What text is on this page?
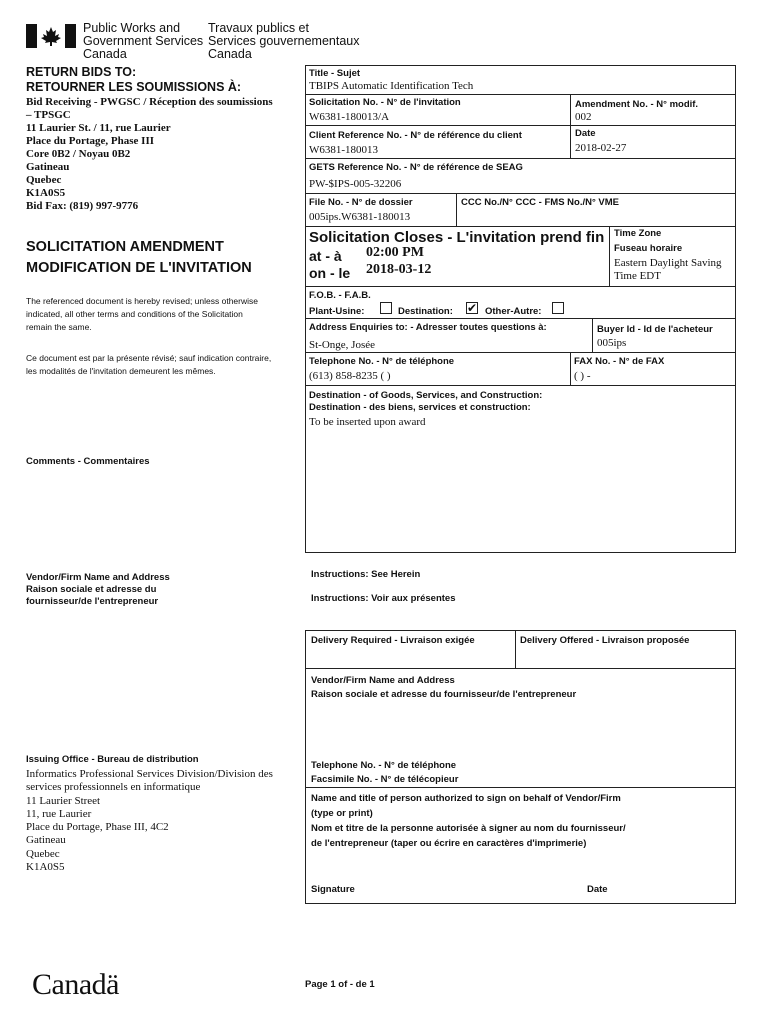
Public Works and
Government Services
Canada
Travaux publics et
Services gouvernementaux
Canada
RETURN BIDS TO:
RETOURNER LES SOUMISSIONS À:
Bid Receiving - PWGSC / Réception des soumissions
– TPSGC
11 Laurier St. / 11, rue Laurier
Place du Portage, Phase III
Core 0B2 / Noyau 0B2
Gatineau
Quebec
K1A0S5
Bid Fax: (819) 997-9776
SOLICITATION AMENDMENT
MODIFICATION DE L'INVITATION
The referenced document is hereby revised; unless otherwise
indicated, all other terms and conditions of the Solicitation
remain the same.
Ce document est par la présente révisé; sauf indication contraire,
les modalités de l'invitation demeurent les mêmes.
Comments - Commentaires
Vendor/Firm Name and Address
Raison sociale et adresse du
fournisseur/de l'entrepreneur
Issuing Office - Bureau de distribution
Informatics Professional Services Division/Division des
services professionnels en informatique
11 Laurier Street
11, rue Laurier
Place du Portage, Phase III, 4C2
Gatineau
Quebec
K1A0S5
Title - Sujet
TBIPS Automatic Identification Tech
Solicitation No. - N° de l'invitation
W6381-180013/A
Amendment No. - N° modif.
002
Client Reference No. - N° de référence du client
W6381-180013
Date
2018-02-27
GETS Reference No. - N° de référence de SEAG
PW-$IPS-005-32206
File No. - N° de dossier
005ips.W6381-180013
CCC No./N° CCC - FMS No./N° VME
Solicitation Closes - L'invitation prend fin
at - à 02:00 PM
on - le 2018-03-12
Time Zone
Fuseau horaire
Eastern Daylight Saving
Time EDT
F.O.B. - F.A.B.
Plant-Usine:	Destination: ✔ Other-Autre:
Address Enquiries to: - Adresser toutes questions à:
St-Onge, Josée
Buyer Id - Id de l'acheteur
005ips
Telephone No. - N° de téléphone
(613) 858-8235 ( )
FAX No. - N° de FAX
( ) -
Destination - of Goods, Services, and Construction:
Destination - des biens, services et construction:
To be inserted upon award
Instructions: See Herein
Instructions: Voir aux présentes
Delivery Required - Livraison exigée	Delivery Offered - Livraison proposée
Vendor/Firm Name and Address
Raison sociale et adresse du fournisseur/de l'entrepreneur
Telephone No. - N° de téléphone
Facsimile No. - N° de télécopieur
Name and title of person authorized to sign on behalf of Vendor/Firm
(type or print)
Nom et titre de la personne autorisée à signer au nom du fournisseur/
de l'entrepreneur (taper ou écrire en caractères d'imprimerie)
Signature	Date
Canadä	Page 1 of - de 1
